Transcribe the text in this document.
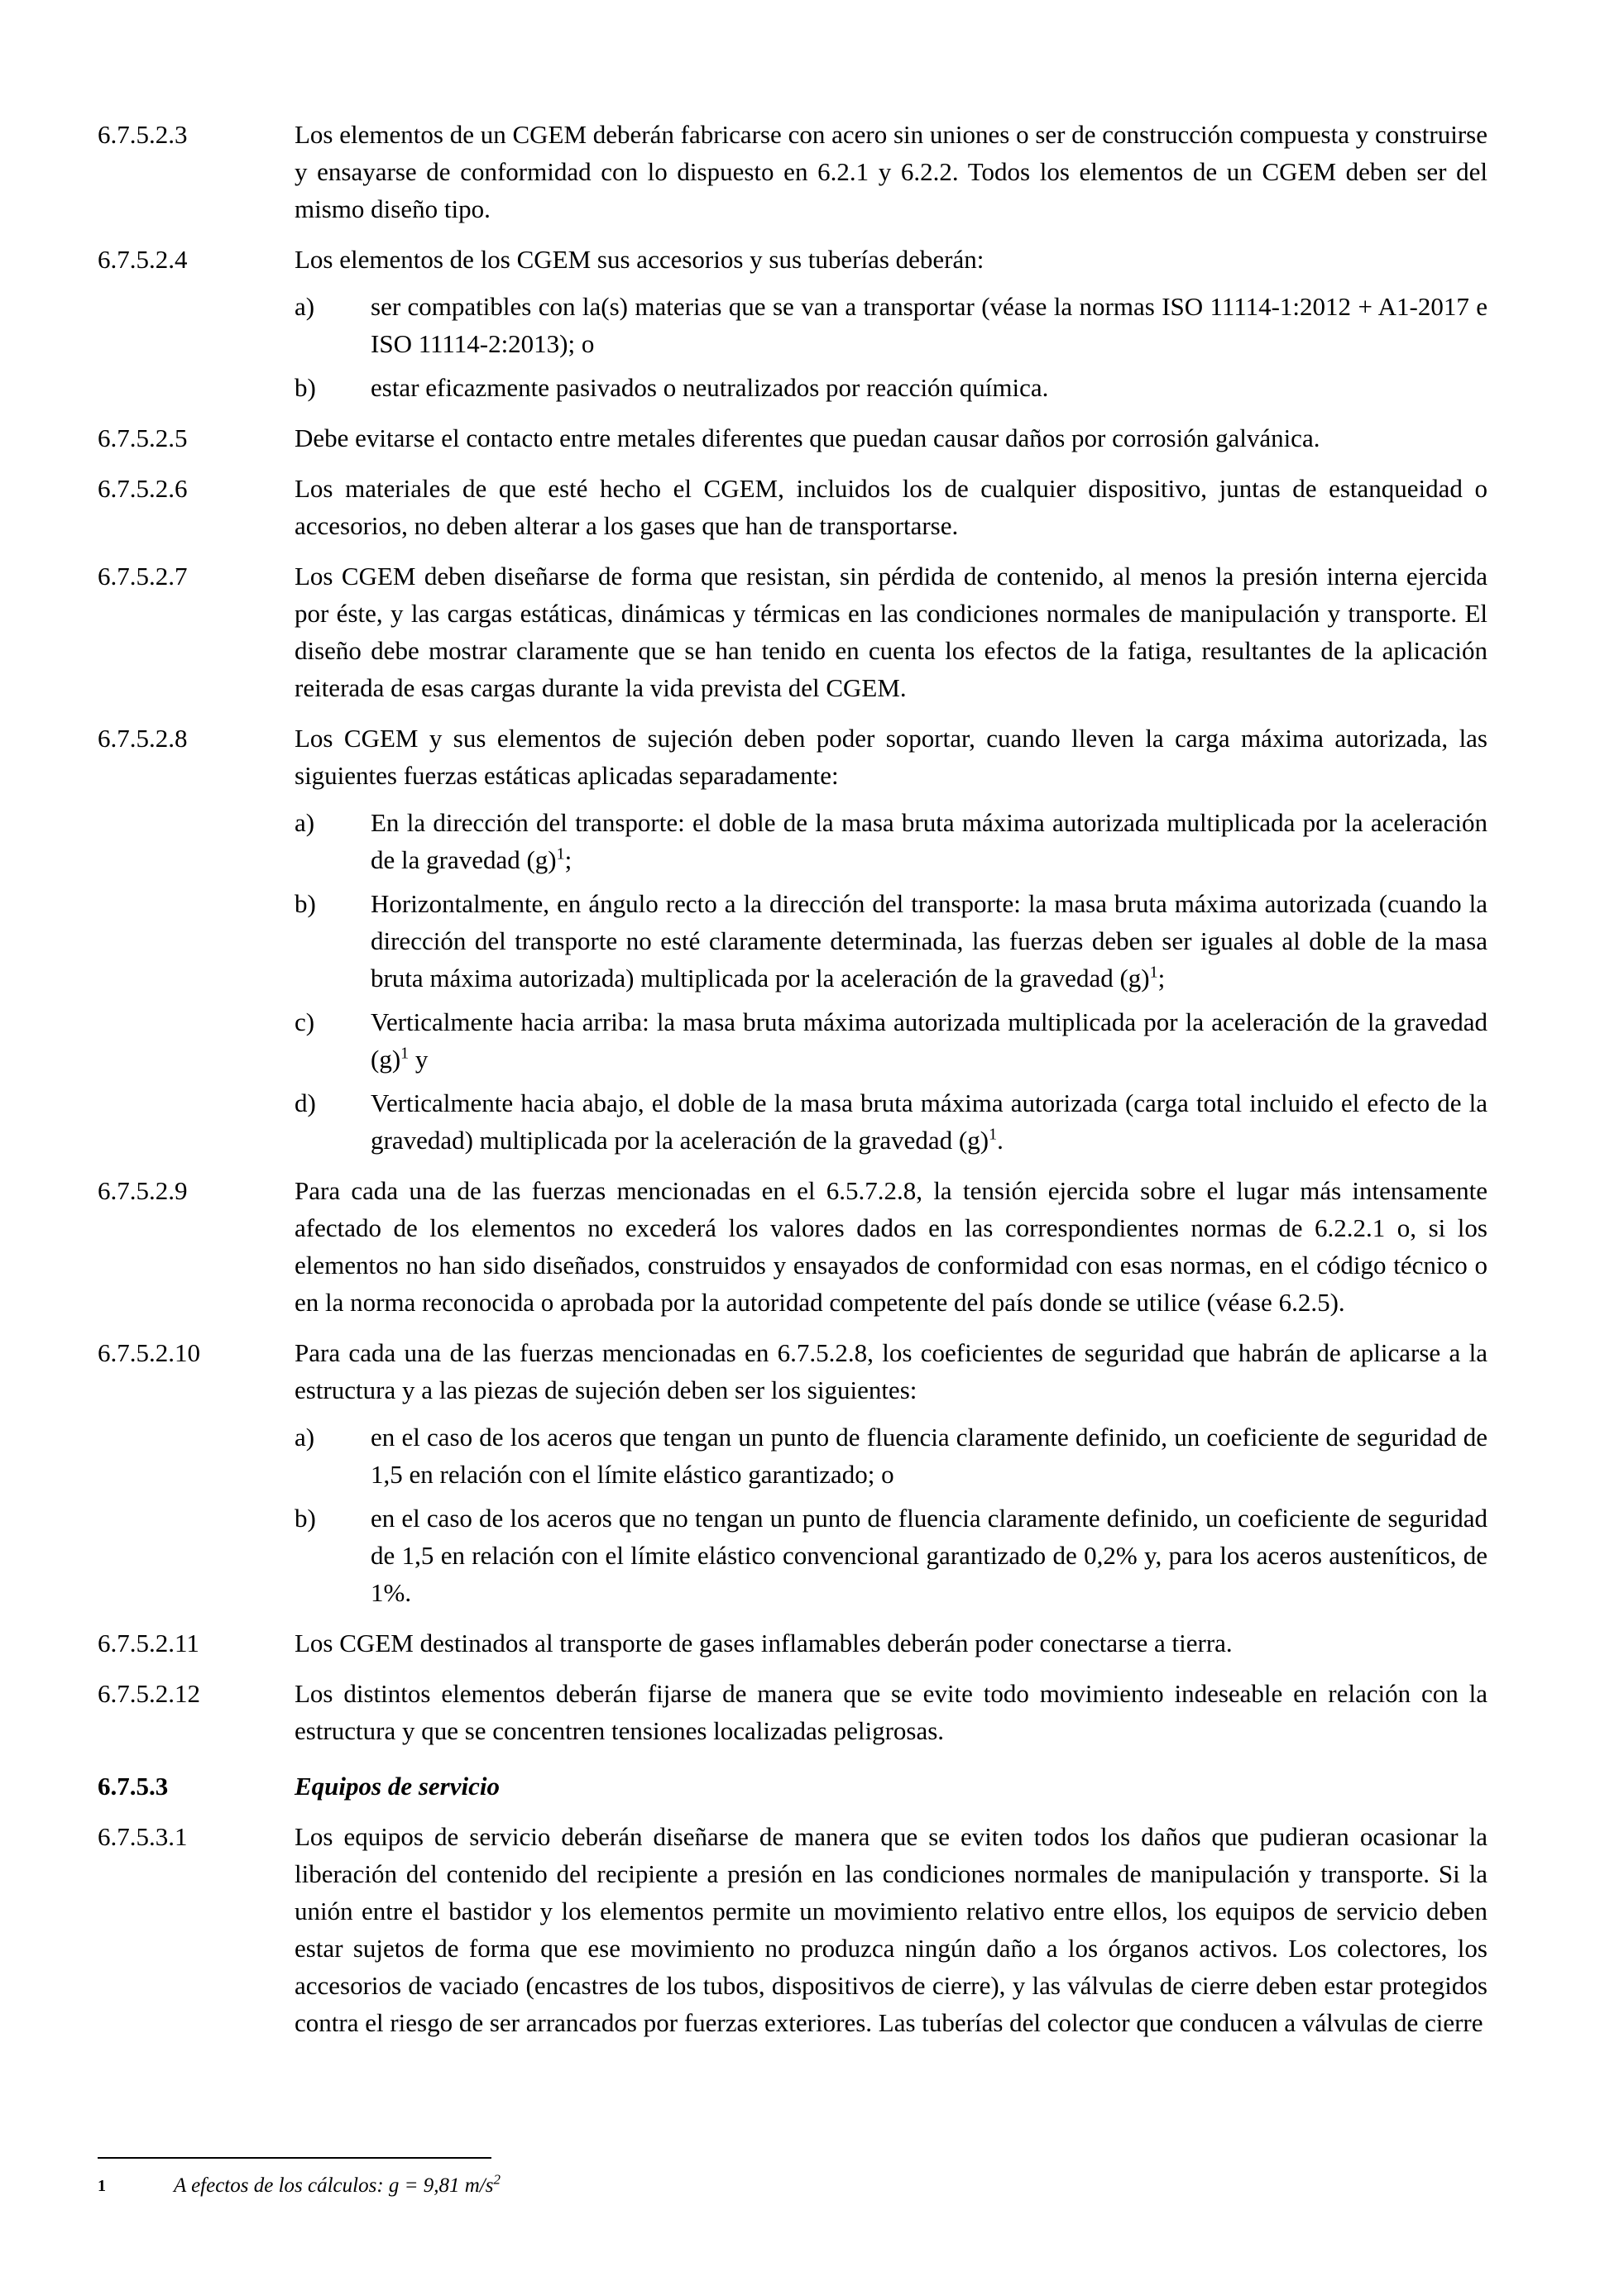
6.7.5.2.3	Los elementos de un CGEM deberán fabricarse con acero sin uniones o ser de construcción compuesta y construirse y ensayarse de conformidad con lo dispuesto en 6.2.1 y 6.2.2. Todos los elementos de un CGEM deben ser del mismo diseño tipo.
6.7.5.2.4	Los elementos de los CGEM sus accesorios y sus tuberías deberán:
a)	ser compatibles con la(s) materias que se van a transportar (véase la normas ISO 11114-1:2012 + A1-2017 e ISO 11114-2:2013); o
b)	estar eficazmente pasivados o neutralizados por reacción química.
6.7.5.2.5	Debe evitarse el contacto entre metales diferentes que puedan causar daños por corrosión galvánica.
6.7.5.2.6	Los materiales de que esté hecho el CGEM, incluidos los de cualquier dispositivo, juntas de estanqueidad o accesorios, no deben alterar a los gases que han de transportarse.
6.7.5.2.7	Los CGEM deben diseñarse de forma que resistan, sin pérdida de contenido, al menos la presión interna ejercida por éste, y las cargas estáticas, dinámicas y térmicas en las condiciones normales de manipulación y transporte. El diseño debe mostrar claramente que se han tenido en cuenta los efectos de la fatiga, resultantes de la aplicación reiterada de esas cargas durante la vida prevista del CGEM.
6.7.5.2.8	Los CGEM y sus elementos de sujeción deben poder soportar, cuando lleven la carga máxima autorizada, las siguientes fuerzas estáticas aplicadas separadamente:
a)	En la dirección del transporte: el doble de la masa bruta máxima autorizada multiplicada por la aceleración de la gravedad $(g)^1$;
b)	Horizontalmente, en ángulo recto a la dirección del transporte: la masa bruta máxima autorizada (cuando la dirección del transporte no esté claramente determinada, las fuerzas deben ser iguales al doble de la masa bruta máxima autorizada) multiplicada por la aceleración de la gravedad $(g)^1$;
c)	Verticalmente hacia arriba: la masa bruta máxima autorizada multiplicada por la aceleración de la gravedad $(g)^1$ y
d)	Verticalmente hacia abajo, el doble de la masa bruta máxima autorizada (carga total incluido el efecto de la gravedad) multiplicada por la aceleración de la gravedad $(g)^1$.
6.7.5.2.9	Para cada una de las fuerzas mencionadas en el 6.5.7.2.8, la tensión ejercida sobre el lugar más intensamente afectado de los elementos no excederá los valores dados en las correspondientes normas de 6.2.2.1 o, si los elementos no han sido diseñados, construidos y ensayados de conformidad con esas normas, en el código técnico o en la norma reconocida o aprobada por la autoridad competente del país donde se utilice (véase 6.2.5).
6.7.5.2.10	Para cada una de las fuerzas mencionadas en 6.7.5.2.8, los coeficientes de seguridad que habrán de aplicarse a la estructura y a las piezas de sujeción deben ser los siguientes:
a)	en el caso de los aceros que tengan un punto de fluencia claramente definido, un coeficiente de seguridad de 1,5 en relación con el límite elástico garantizado; o
b)	en el caso de los aceros que no tengan un punto de fluencia claramente definido, un coeficiente de seguridad de 1,5 en relación con el límite elástico convencional garantizado de 0,2% y, para los aceros austeníticos, de 1%.
6.7.5.2.11	Los CGEM destinados al transporte de gases inflamables deberán poder conectarse a tierra.
6.7.5.2.12	Los distintos elementos deberán fijarse de manera que se evite todo movimiento indeseable en relación con la estructura y que se concentren tensiones localizadas peligrosas.
6.7.5.3	Equipos de servicio
6.7.5.3.1	Los equipos de servicio deberán diseñarse de manera que se eviten todos los daños que pudieran ocasionar la liberación del contenido del recipiente a presión en las condiciones normales de manipulación y transporte. Si la unión entre el bastidor y los elementos permite un movimiento relativo entre ellos, los equipos de servicio deben estar sujetos de forma que ese movimiento no produzca ningún daño a los órganos activos. Los colectores, los accesorios de vaciado (encastres de los tubos, dispositivos de cierre), y las válvulas de cierre deben estar protegidos contra el riesgo de ser arrancados por fuerzas exteriores. Las tuberías del colector que conducen a válvulas de cierre
1	A efectos de los cálculos: g = 9,81 $m/s^2$
